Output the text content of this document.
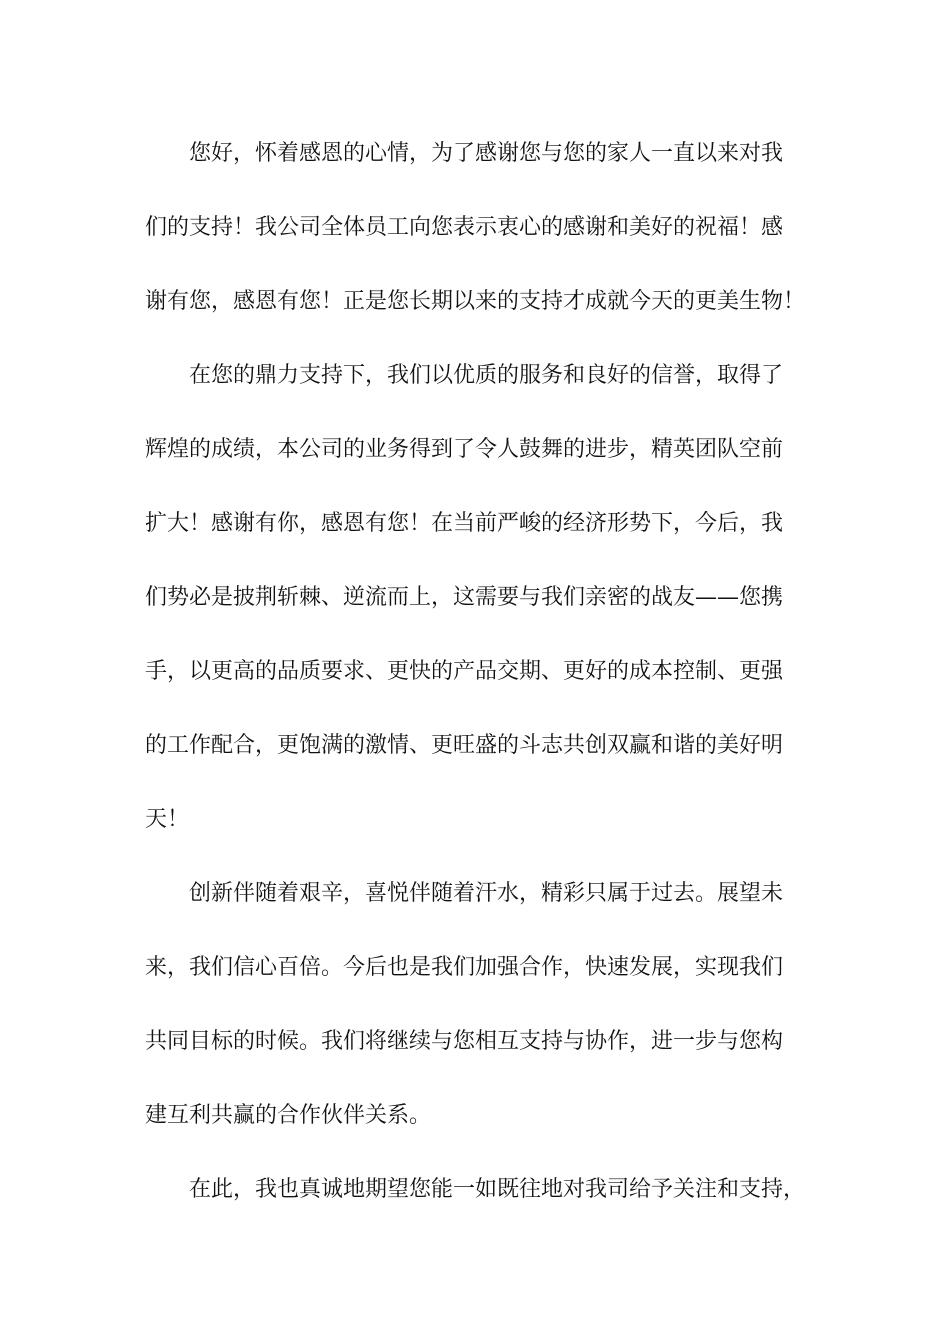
您好，怀着感恩的心情，为了感谢您与您的家人一直以来对我
们的支持！我公司全体员工向您表示衷心的感谢和美好的祝福！感
谢有您，感恩有您！正是您长期以来的支持才成就今天的更美生物！
在您的鼎力支持下，我们以优质的服务和良好的信誉，取得了
辉煌的成绩，本公司的业务得到了令人鼓舞的进步，精英团队空前
扩大！感谢有你，感恩有您！在当前严峻的经济形势下，今后，我
们势必是披荆斩棘、逆流而上，这需要与我们亲密的战友——您携
手，以更高的品质要求、更快的产品交期、更好的成本控制、更强
的工作配合，更饱满的激情、更旺盛的斗志共创双赢和谐的美好明
天！
创新伴随着艰辛，喜悦伴随着汗水，精彩只属于过去。展望未
来，我们信心百倍。今后也是我们加强合作，快速发展，实现我们
共同目标的时候。我们将继续与您相互支持与协作，进一步与您构
建互利共赢的合作伙伴关系。
在此，我也真诚地期望您能一如既往地对我司给予关注和支持，
